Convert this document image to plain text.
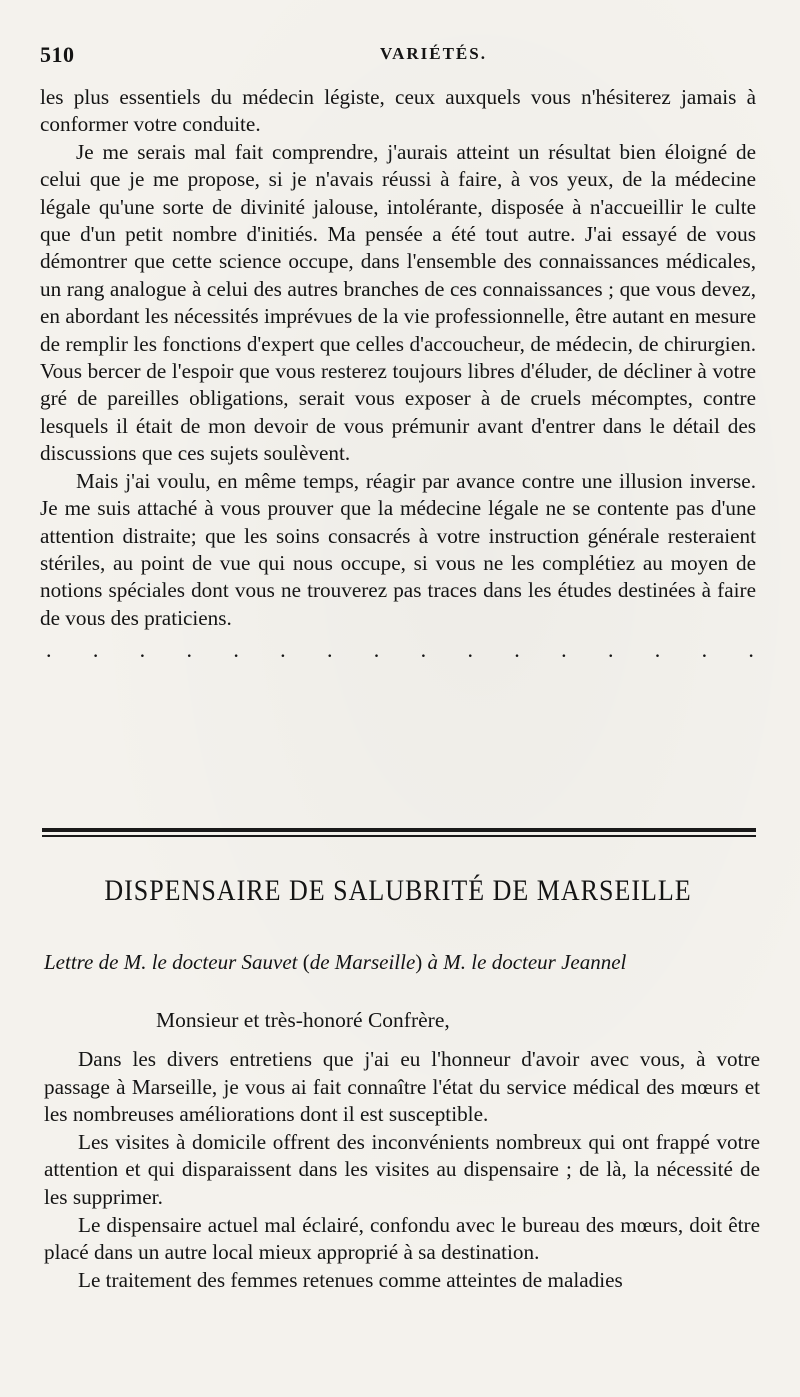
510	VARIÉTÉS.

les plus essentiels du médecin légiste, ceux auxquels vous n'hésiterez jamais à conformer votre conduite.

Je me serais mal fait comprendre, j'aurais atteint un résultat bien éloigné de celui que je me propose, si je n'avais réussi à faire, à vos yeux, de la médecine légale qu'une sorte de divinité jalouse, intolérante, disposée à n'accueillir le culte que d'un petit nombre d'initiés. Ma pensée a été tout autre. J'ai essayé de vous démontrer que cette science occupe, dans l'ensemble des connaissances médicales, un rang analogue à celui des autres branches de ces connaissances ; que vous devez, en abordant les nécessités imprévues de la vie professionnelle, être autant en mesure de remplir les fonctions d'expert que celles d'accoucheur, de médecin, de chirurgien. Vous bercer de l'espoir que vous resterez toujours libres d'éluder, de décliner à votre gré de pareilles obligations, serait vous exposer à de cruels mécomptes, contre lesquels il était de mon devoir de vous prémunir avant d'entrer dans le détail des discussions que ces sujets soulèvent.

Mais j'ai voulu, en même temps, réagir par avance contre une illusion inverse. Je me suis attaché à vous prouver que la médecine légale ne se contente pas d'une attention distraite; que les soins consacrés à votre instruction générale resteraient stériles, au point de vue qui nous occupe, si vous ne les complétiez au moyen de notions spéciales dont vous ne trouverez pas traces dans les études destinées à faire de vous des praticiens.

. . . . . . . . . . . . . . . .
DISPENSAIRE DE SALUBRITÉ DE MARSEILLE
Lettre de M. le docteur Sauvet (de Marseille) à M. le docteur Jeannel
Monsieur et très-honoré Confrère,

Dans les divers entretiens que j'ai eu l'honneur d'avoir avec vous, à votre passage à Marseille, je vous ai fait connaître l'état du service médical des mœurs et les nombreuses améliorations dont il est susceptible.

Les visites à domicile offrent des inconvénients nombreux qui ont frappé votre attention et qui disparaissent dans les visites au dispensaire ; de là, la nécessité de les supprimer.

Le dispensaire actuel mal éclairé, confondu avec le bureau des mœurs, doit être placé dans un autre local mieux approprié à sa destination.

Le traitement des femmes retenues comme atteintes de maladies
